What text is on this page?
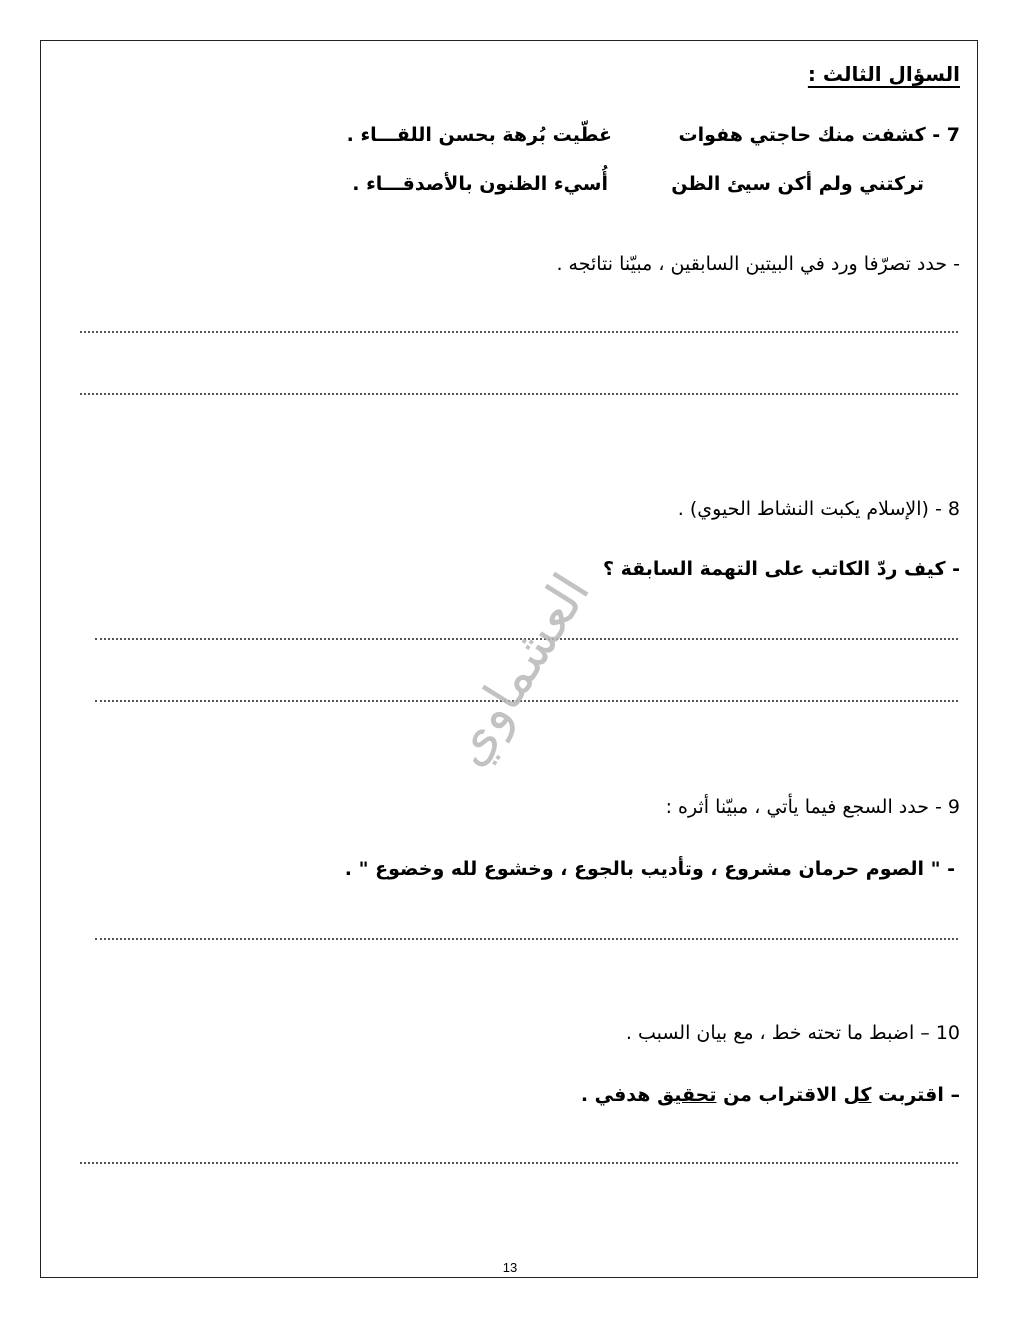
السؤال الثالث :
7 - كشفت منك حاجتي هفوات
غطّيت بُرهة بحسن اللقـــاء .
تركتني ولم أكن سيئ الظن
أُسيء الظنون بالأصدقـــاء .
- حدد تصرّفا ورد في البيتين السابقين ، مبيّنا نتائجه .
8 - (الإسلام يكبت النشاط الحيوي) .
- كيف ردّ الكاتب على التهمة السابقة ؟
العشماوي
9 - حدد السجع فيما يأتي ، مبيّنا أثره :
- " الصوم حرمان مشروع ، وتأديب بالجوع ، وخشوع لله وخضوع " .
10 – اضبط ما تحته خط ، مع بيان السبب .
– اقتربت كل الاقتراب من تحقيق هدفي .
13
